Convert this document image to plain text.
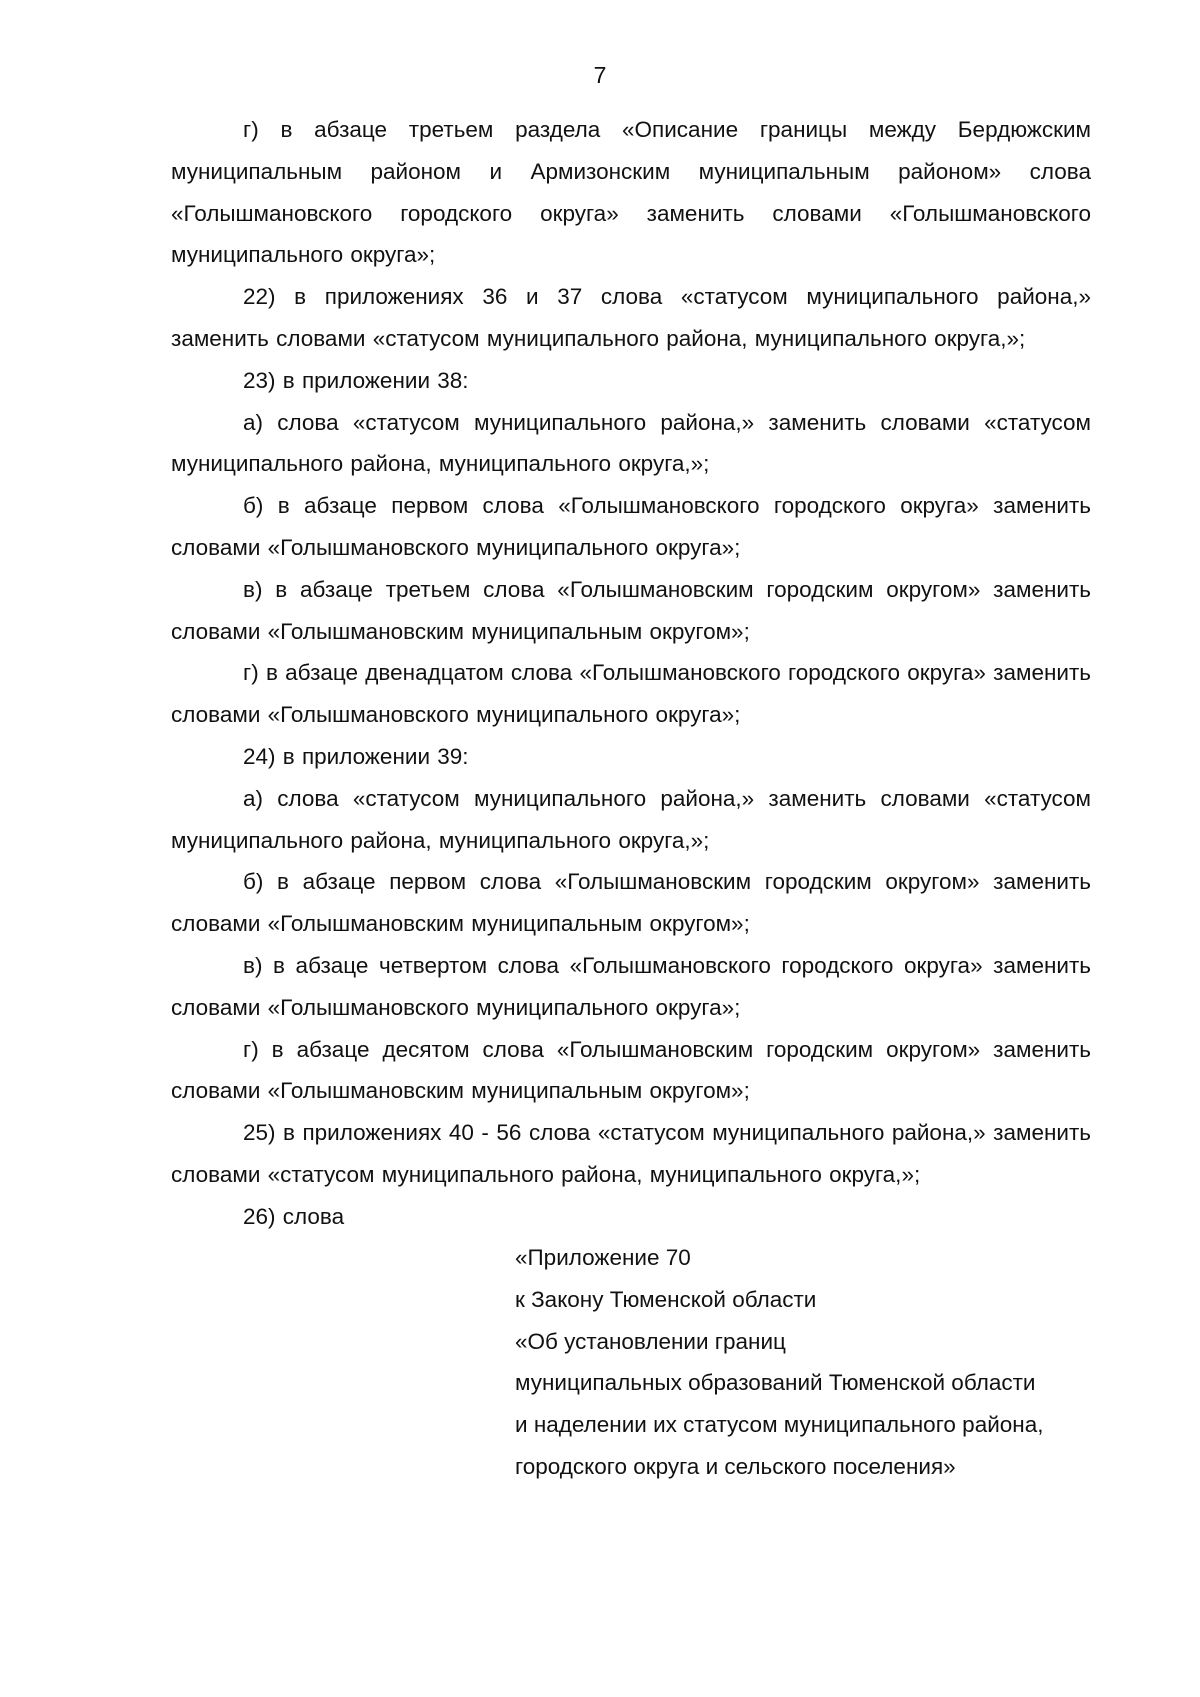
7

г) в абзаце третьем раздела «Описание границы между Бердюжским муниципальным районом и Армизонским муниципальным районом» слова «Голышмановского городского округа» заменить словами «Голышмановского муниципального округа»;

22) в приложениях 36 и 37 слова «статусом муниципального района,» заменить словами «статусом муниципального района, муниципального округа,»;

23) в приложении 38:

а) слова «статусом муниципального района,» заменить словами «статусом муниципального района, муниципального округа,»;

б) в абзаце первом слова «Голышмановского городского округа» заменить словами «Голышмановского муниципального округа»;

в) в абзаце третьем слова «Голышмановским городским округом» заменить словами «Голышмановским муниципальным округом»;

г) в абзаце двенадцатом слова «Голышмановского городского округа» заменить словами «Голышмановского муниципального округа»;

24) в приложении 39:

а) слова «статусом муниципального района,» заменить словами «статусом муниципального района, муниципального округа,»;

б) в абзаце первом слова «Голышмановским городским округом» заменить словами «Голышмановским муниципальным округом»;

в) в абзаце четвертом слова «Голышмановского городского округа» заменить словами «Голышмановского муниципального округа»;

г) в абзаце десятом слова «Голышмановским городским округом» заменить словами «Голышмановским муниципальным округом»;

25) в приложениях 40 - 56 слова «статусом муниципального района,» заменить словами «статусом муниципального района, муниципального округа,»;

26) слова

«Приложение 70

к Закону Тюменской области

«Об установлении границ

муниципальных образований Тюменской области

и наделении их статусом муниципального района,

городского округа и сельского поселения»
